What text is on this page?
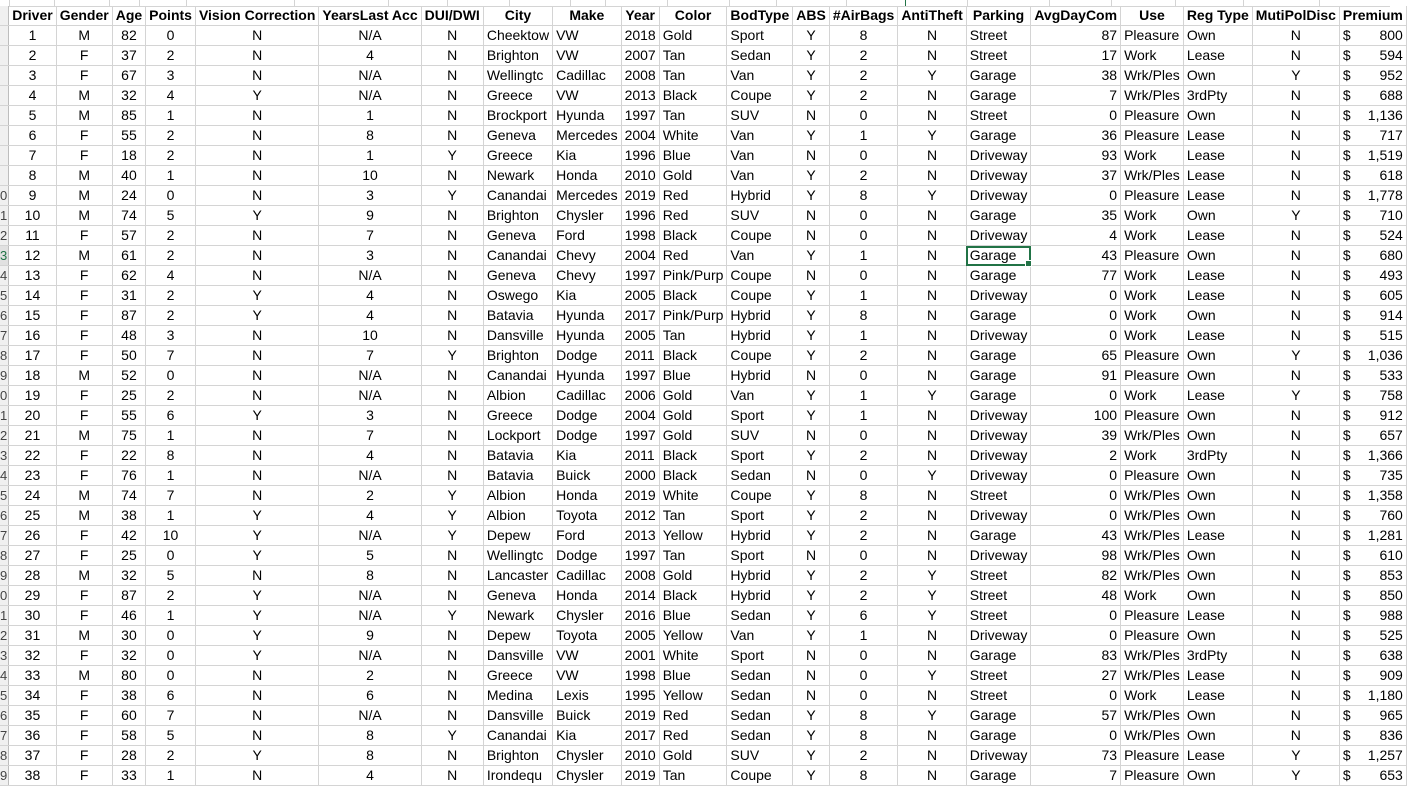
	Driver	Gender	Age	Points	Vision Correction	YearsLast Acc	DUI/DWI	City	Make	Year	Color	BodType	ABS	#AirBags	AntiTheft	Parking	AvgDayCom	Use	Reg Type	MutiPolDisc	Premium
	1	M	82	0	N	N/A	N	Cheektow	VW	2018	Gold	Sport	Y	8	N	Street	87	Pleasure	Own	N	$ 800

	2	F	37	2	N	4	N	Brighton	VW	2007	Tan	Sedan	Y	2	N	Street	17	Work	Lease	N	$ 594

	3	F	67	3	N	N/A	N	Wellingtc	Cadillac	2008	Tan	Van	Y	2	Y	Garage	38	Wrk/Ples	Own	Y	$ 952

	4	M	32	4	Y	N/A	N	Greece	VW	2013	Black	Coupe	Y	2	N	Garage	7	Wrk/Ples	3rdPty	N	$ 688

	5	M	85	1	N	1	N	Brockport	Hyunda	1997	Tan	SUV	N	0	N	Street	0	Pleasure	Own	N	$ 1,136

	6	F	55	2	N	8	N	Geneva	Mercedes	2004	White	Van	Y	1	Y	Garage	36	Pleasure	Lease	N	$ 717

	7	F	18	2	N	1	Y	Greece	Kia	1996	Blue	Van	N	0	N	Driveway	93	Work	Lease	N	$ 1,519

	8	M	40	1	N	10	N	Newark	Honda	2010	Gold	Van	Y	2	N	Driveway	37	Wrk/Ples	Lease	N	$ 618

0	9	M	24	0	N	3	Y	Canandai	Mercedes	2019	Red	Hybrid	Y	8	Y	Driveway	0	Pleasure	Lease	N	$ 1,778

1	10	M	74	5	Y	9	N	Brighton	Chysler	1996	Red	SUV	N	0	N	Garage	35	Work	Own	Y	$ 710

2	11	F	57	2	N	7	N	Geneva	Ford	1998	Black	Coupe	N	0	N	Driveway	4	Work	Lease	N	$ 524

3	12	M	61	2	N	3	N	Canandai	Chevy	2004	Red	Van	Y	1	N	Garage	43	Pleasure	Own	N	$ 680

4	13	F	62	4	N	N/A	N	Geneva	Chevy	1997	Pink/Purp	Coupe	N	0	N	Garage	77	Work	Lease	N	$ 493

5	14	F	31	2	Y	4	N	Oswego	Kia	2005	Black	Coupe	Y	1	N	Driveway	0	Work	Lease	N	$ 605

6	15	F	87	2	Y	4	N	Batavia	Hyunda	2017	Pink/Purp	Hybrid	Y	8	N	Garage	0	Work	Own	N	$ 914

7	16	F	48	3	N	10	N	Dansville	Hyunda	2005	Tan	Hybrid	Y	1	N	Driveway	0	Work	Lease	N	$ 515

8	17	F	50	7	N	7	Y	Brighton	Dodge	2011	Black	Coupe	Y	2	N	Garage	65	Pleasure	Own	Y	$ 1,036

9	18	M	52	0	N	N/A	N	Canandai	Hyunda	1997	Blue	Hybrid	N	0	N	Garage	91	Pleasure	Own	N	$ 533

0	19	F	25	2	N	N/A	N	Albion	Cadillac	2006	Gold	Van	Y	1	Y	Garage	0	Work	Lease	Y	$ 758

1	20	F	55	6	Y	3	N	Greece	Dodge	2004	Gold	Sport	Y	1	N	Driveway	100	Pleasure	Own	N	$ 912

2	21	M	75	1	N	7	N	Lockport	Dodge	1997	Gold	SUV	N	0	N	Driveway	39	Wrk/Ples	Own	N	$ 657

3	22	F	22	8	N	4	N	Batavia	Kia	2011	Black	Sport	Y	2	N	Driveway	2	Work	3rdPty	N	$ 1,366

4	23	F	76	1	N	N/A	N	Batavia	Buick	2000	Black	Sedan	N	0	Y	Driveway	0	Pleasure	Own	N	$ 735

5	24	M	74	7	N	2	Y	Albion	Honda	2019	White	Coupe	Y	8	N	Street	0	Wrk/Ples	Own	N	$ 1,358

6	25	M	38	1	Y	4	Y	Albion	Toyota	2012	Tan	Sport	Y	2	N	Driveway	0	Wrk/Ples	Own	N	$ 760

7	26	F	42	10	Y	N/A	Y	Depew	Ford	2013	Yellow	Hybrid	Y	2	N	Garage	43	Wrk/Ples	Lease	N	$ 1,281

8	27	F	25	0	Y	5	N	Wellingtc	Dodge	1997	Tan	Sport	N	0	N	Driveway	98	Wrk/Ples	Own	N	$ 610

9	28	M	32	5	N	8	N	Lancaster	Cadillac	2008	Gold	Hybrid	Y	2	Y	Street	82	Wrk/Ples	Own	N	$ 853

0	29	F	87	2	Y	N/A	N	Geneva	Honda	2014	Black	Hybrid	Y	2	Y	Street	48	Work	Own	N	$ 850

1	30	F	46	1	Y	N/A	Y	Newark	Chysler	2016	Blue	Sedan	Y	6	Y	Street	0	Pleasure	Lease	N	$ 988

2	31	M	30	0	Y	9	N	Depew	Toyota	2005	Yellow	Van	Y	1	N	Driveway	0	Pleasure	Own	N	$ 525

3	32	F	32	0	Y	N/A	N	Dansville	VW	2001	White	Sport	N	0	N	Garage	83	Wrk/Ples	3rdPty	N	$ 638

4	33	M	80	0	N	2	N	Greece	VW	1998	Blue	Sedan	N	0	Y	Street	27	Wrk/Ples	Lease	N	$ 909

5	34	F	38	6	N	6	N	Medina	Lexis	1995	Yellow	Sedan	N	0	N	Street	0	Work	Lease	N	$ 1,180

6	35	F	60	7	N	N/A	N	Dansville	Buick	2019	Red	Sedan	Y	8	Y	Garage	57	Wrk/Ples	Own	N	$ 965

7	36	F	58	5	N	8	Y	Canandai	Kia	2017	Red	Sedan	Y	8	N	Garage	0	Wrk/Ples	Own	N	$ 836

8	37	F	28	2	Y	8	N	Brighton	Chysler	2010	Gold	SUV	Y	2	N	Driveway	73	Pleasure	Lease	Y	$ 1,257

9	38	F	33	1	N	4	N	Irondequ	Chysler	2019	Tan	Coupe	Y	8	N	Garage	7	Pleasure	Own	Y	$ 653
